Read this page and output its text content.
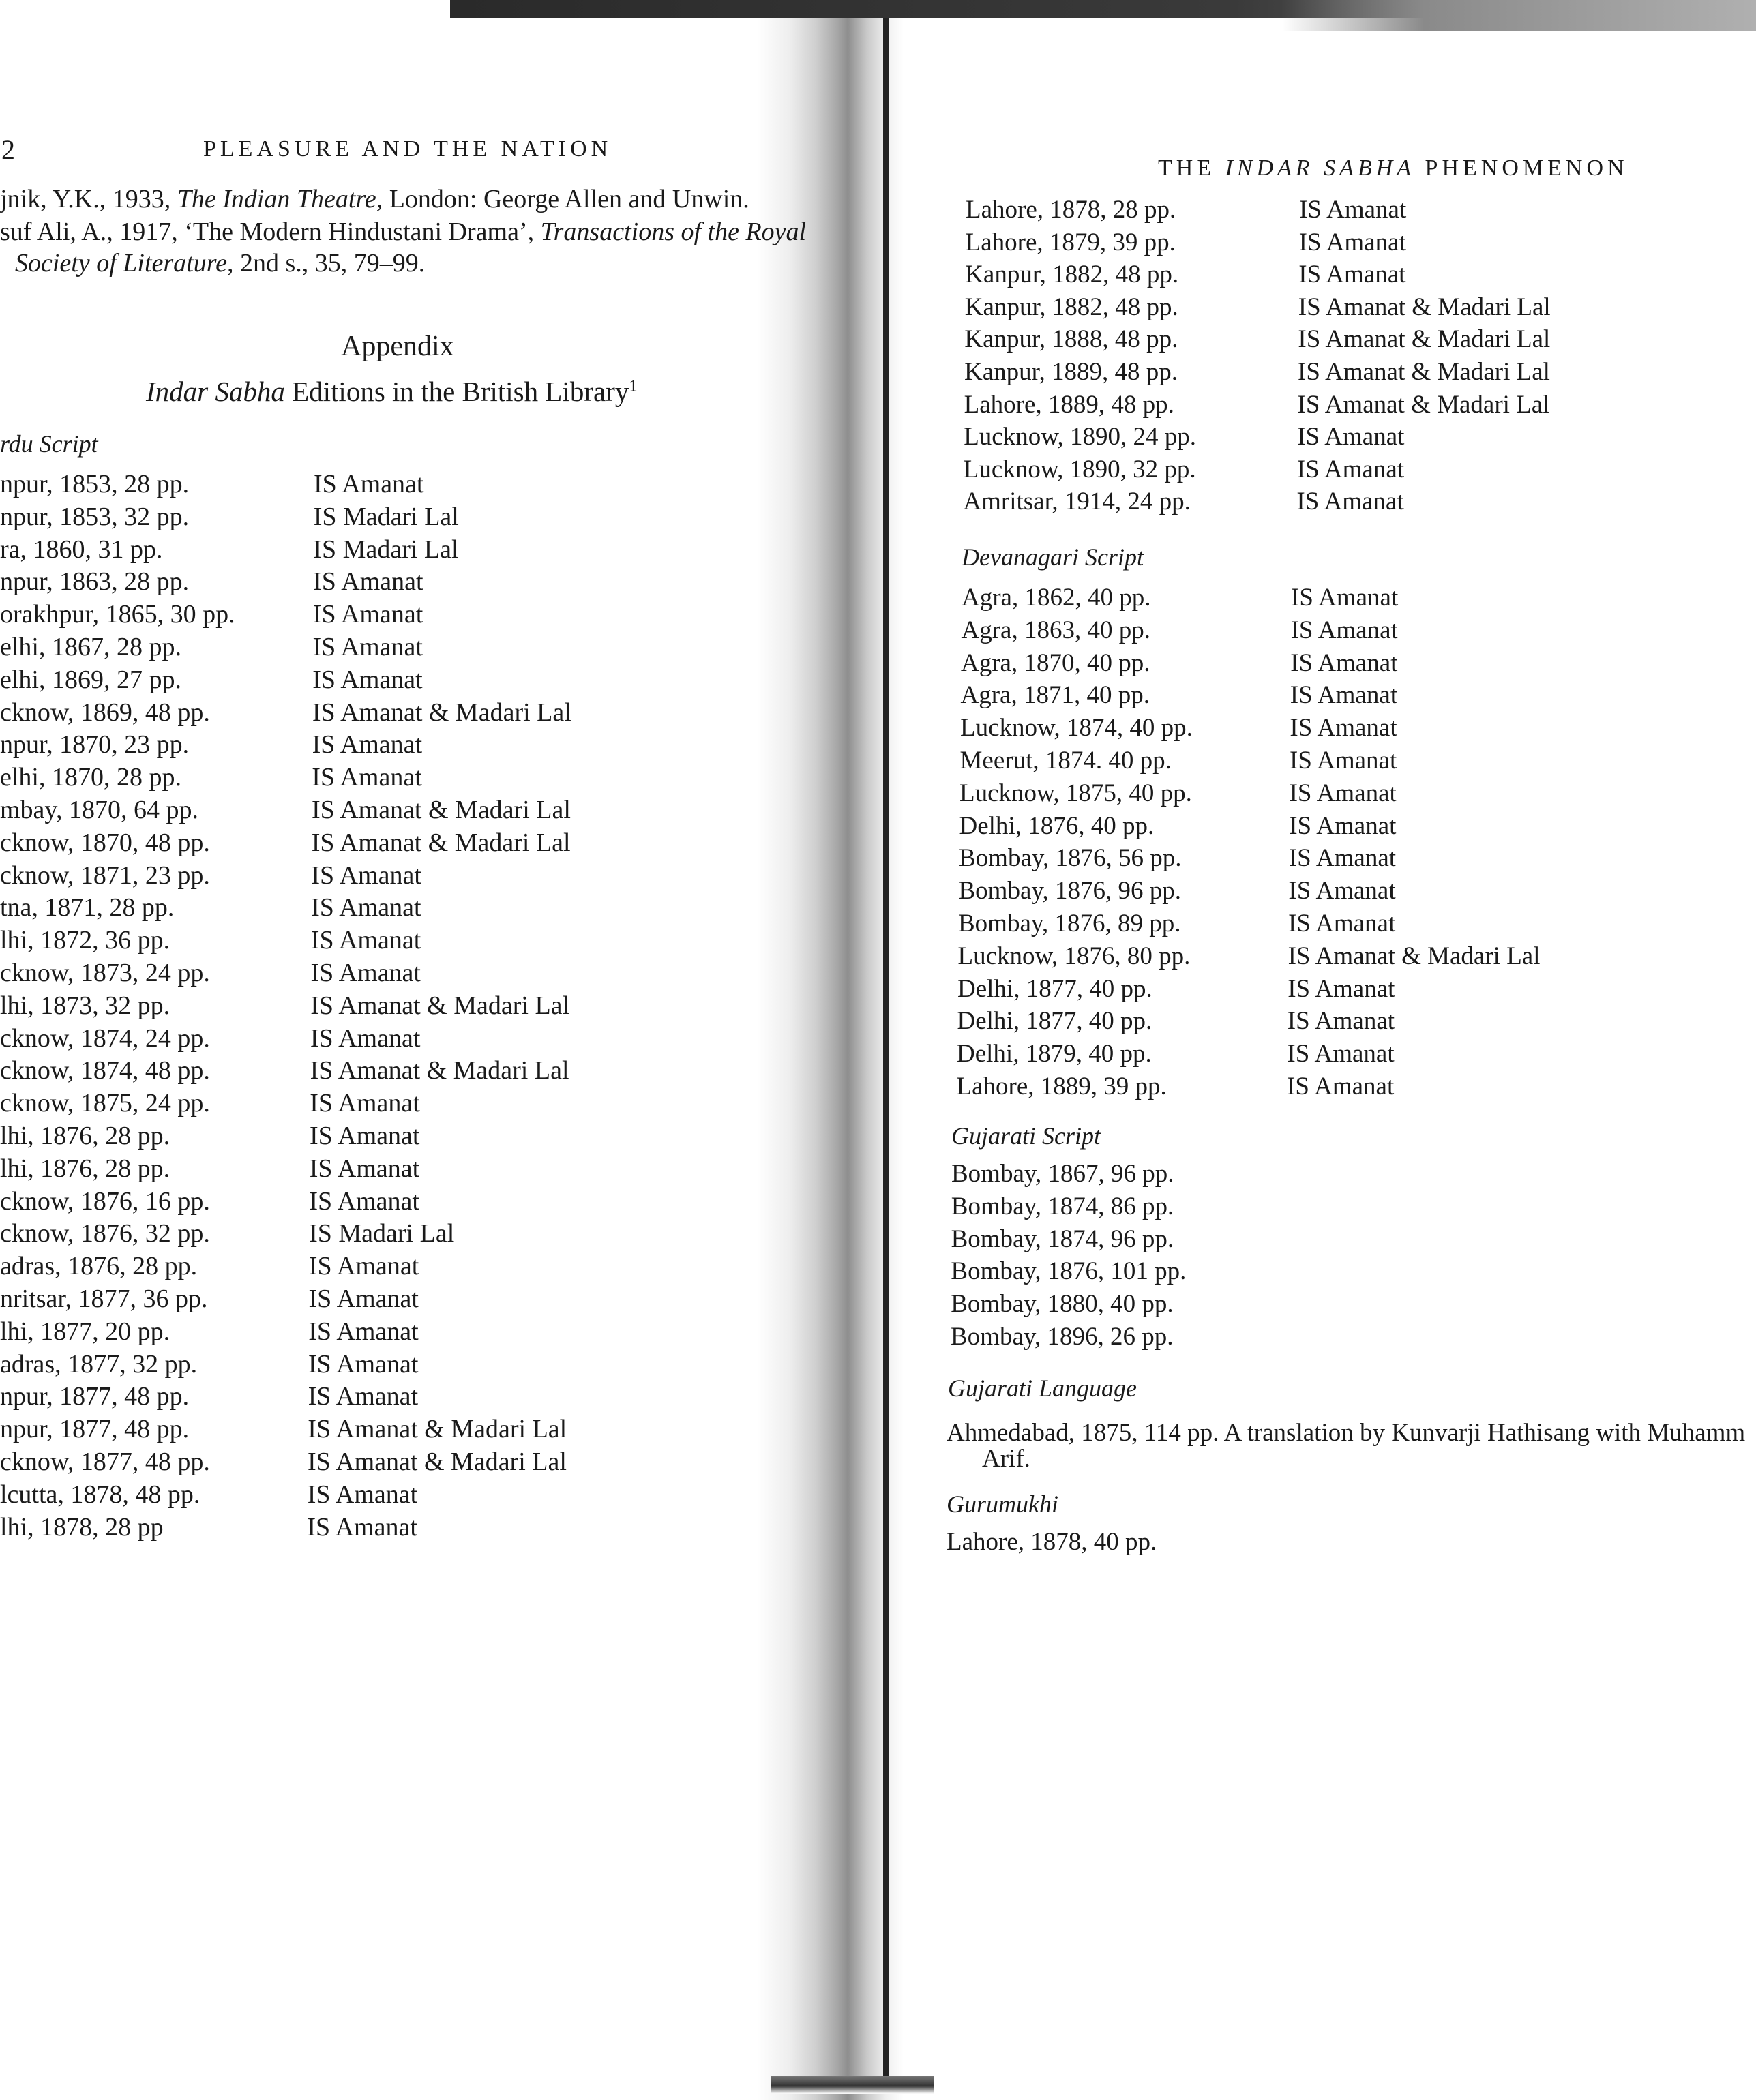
2	PLEASURE AND THE NATION
jnik, Y.K., 1933, The Indian Theatre, London: George Allen and Unwin.
suf Ali, A., 1917, ‘The Modern Hindustani Drama’, Transactions of the Royal
Society of Literature, 2nd s., 35, 79–99.
Appendix
Indar Sabha Editions in the British Library$^1$
rdu Script
npur, 1853, 28 pp.	IS Amanat
npur, 1853, 32 pp.	IS Madari Lal
ra, 1860, 31 pp.	IS Madari Lal
npur, 1863, 28 pp.	IS Amanat
orakhpur, 1865, 30 pp.	IS Amanat
elhi, 1867, 28 pp.	IS Amanat
elhi, 1869, 27 pp.	IS Amanat
cknow, 1869, 48 pp.	IS Amanat & Madari Lal
npur, 1870, 23 pp.	IS Amanat
elhi, 1870, 28 pp.	IS Amanat
mbay, 1870, 64 pp.	IS Amanat & Madari Lal
cknow, 1870, 48 pp.	IS Amanat & Madari Lal
cknow, 1871, 23 pp.	IS Amanat
tna, 1871, 28 pp.	IS Amanat
lhi, 1872, 36 pp.	IS Amanat
cknow, 1873, 24 pp.	IS Amanat
lhi, 1873, 32 pp.	IS Amanat & Madari Lal
cknow, 1874, 24 pp.	IS Amanat
cknow, 1874, 48 pp.	IS Amanat & Madari Lal
cknow, 1875, 24 pp.	IS Amanat
lhi, 1876, 28 pp.	IS Amanat
lhi, 1876, 28 pp.	IS Amanat
cknow, 1876, 16 pp.	IS Amanat
cknow, 1876, 32 pp.	IS Madari Lal
adras, 1876, 28 pp.	IS Amanat
nritsar, 1877, 36 pp.	IS Amanat
lhi, 1877, 20 pp.	IS Amanat
adras, 1877, 32 pp.	IS Amanat
npur, 1877, 48 pp.	IS Amanat
npur, 1877, 48 pp.	IS Amanat & Madari Lal
cknow, 1877, 48 pp.	IS Amanat & Madari Lal
lcutta, 1878, 48 pp.	IS Amanat
lhi, 1878, 28 pp	IS Amanat
THE INDAR SABHA PHENOMENON
Lahore, 1878, 28 pp.	IS Amanat
Lahore, 1879, 39 pp.	IS Amanat
Kanpur, 1882, 48 pp.	IS Amanat
Kanpur, 1882, 48 pp.	IS Amanat & Madari Lal
Kanpur, 1888, 48 pp.	IS Amanat & Madari Lal
Kanpur, 1889, 48 pp.	IS Amanat & Madari Lal
Lahore, 1889, 48 pp.	IS Amanat & Madari Lal
Lucknow, 1890, 24 pp.	IS Amanat
Lucknow, 1890, 32 pp.	IS Amanat
Amritsar, 1914, 24 pp.	IS Amanat
Devanagari Script
Agra, 1862, 40 pp.	IS Amanat
Agra, 1863, 40 pp.	IS Amanat
Agra, 1870, 40 pp.	IS Amanat
Agra, 1871, 40 pp.	IS Amanat
Lucknow, 1874, 40 pp.	IS Amanat
Meerut, 1874. 40 pp.	IS Amanat
Lucknow, 1875, 40 pp.	IS Amanat
Delhi, 1876, 40 pp.	IS Amanat
Bombay, 1876, 56 pp.	IS Amanat
Bombay, 1876, 96 pp.	IS Amanat
Bombay, 1876, 89 pp.	IS Amanat
Lucknow, 1876, 80 pp.	IS Amanat & Madari Lal
Delhi, 1877, 40 pp.	IS Amanat
Delhi, 1877, 40 pp.	IS Amanat
Delhi, 1879, 40 pp.	IS Amanat
Lahore, 1889, 39 pp.	IS Amanat
Gujarati Script
Bombay, 1867, 96 pp.
Bombay, 1874, 86 pp.
Bombay, 1874, 96 pp.
Bombay, 1876, 101 pp.
Bombay, 1880, 40 pp.
Bombay, 1896, 26 pp.
Gujarati Language
Ahmedabad, 1875, 114 pp. A translation by Kunvarji Hathisang with Muhamm
Arif.
Gurumukhi
Lahore, 1878, 40 pp.
